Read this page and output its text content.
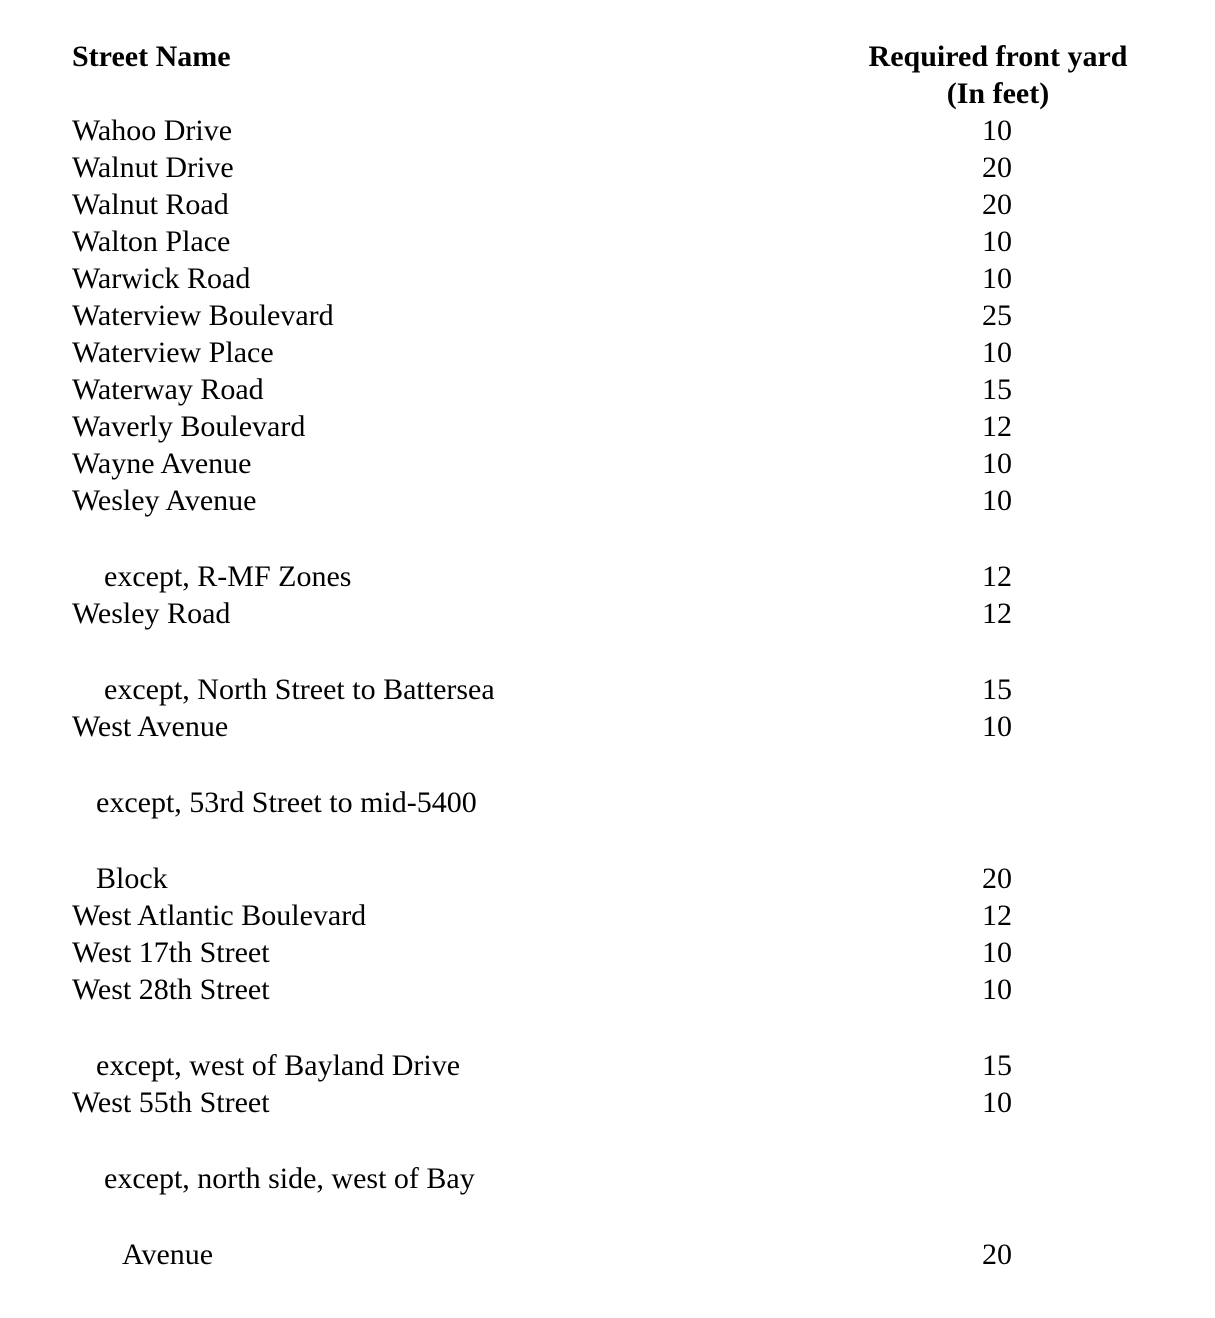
Street Name	Required front yard
(In feet)
Wahoo Drive	10
Walnut Drive	20
Walnut Road	20
Walton Place	10
Warwick Road	10
Waterview Boulevard	25
Waterview Place	10
Waterway Road	15
Waverly Boulevard	12
Wayne Avenue	10
Wesley Avenue	10
except, R-MF Zones	12
Wesley Road	12
except, North Street to Battersea	15
West Avenue	10
except, 53rd Street to mid-5400
Block	20
West Atlantic Boulevard	12
West 17th Street	10
West 28th Street	10
except, west of Bayland Drive	15
West 55th Street	10
except, north side, west of Bay
Avenue	20
